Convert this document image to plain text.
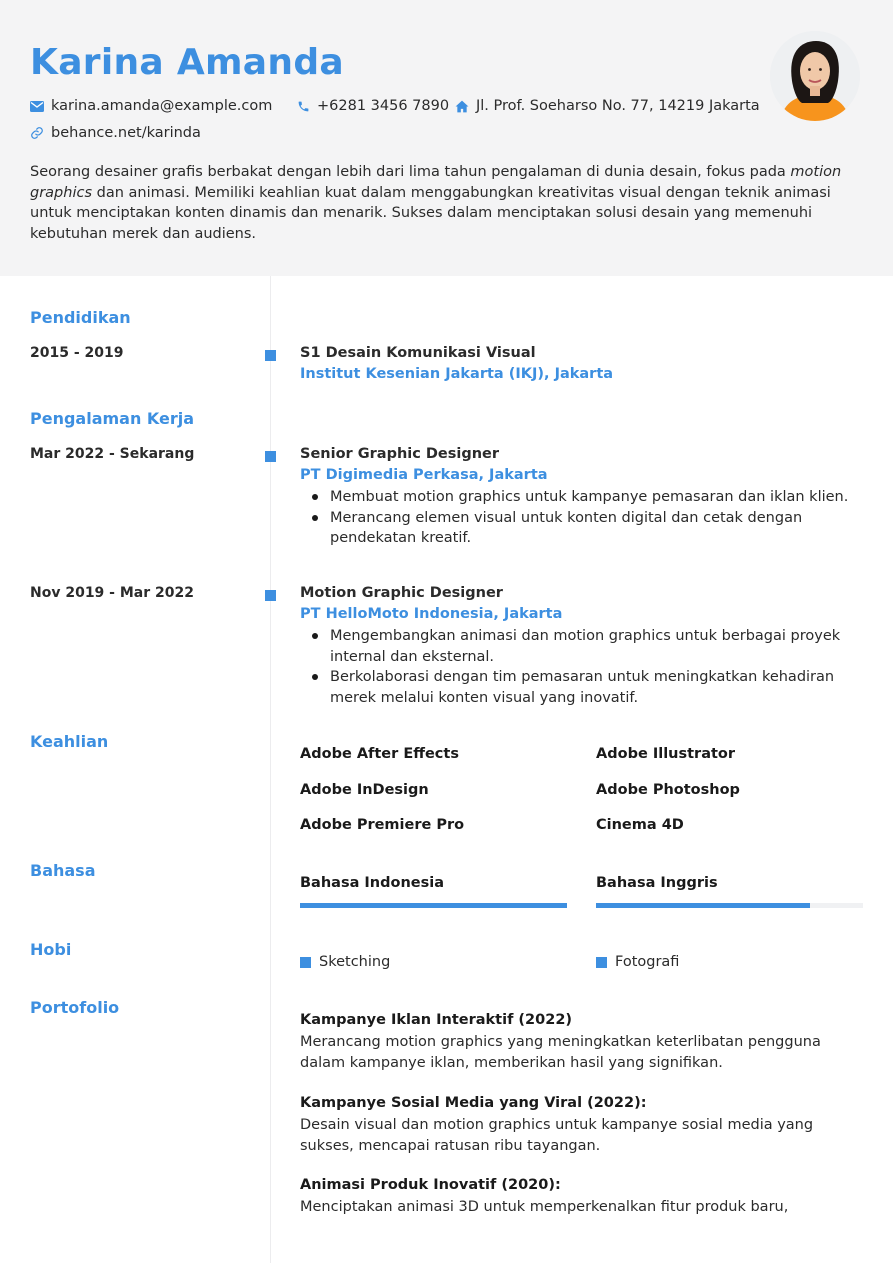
Karina Amanda
karina.amanda@example.com	+6281 3456 7890 Jl. Prof. Soeharso No. 77, 14219 Jakarta
behance.net/karinda
Seorang desainer grafis berbakat dengan lebih dari lima tahun pengalaman di dunia desain, fokus pada motion graphics dan animasi. Memiliki keahlian kuat dalam menggabungkan kreativitas visual dengan teknik animasi untuk menciptakan konten dinamis dan menarik. Sukses dalam menciptakan solusi desain yang memenuhi kebutuhan merek dan audiens.
Pendidikan
2015 - 2019	S1 Desain Komunikasi Visual
Institut Kesenian Jakarta (IKJ), Jakarta
Pengalaman Kerja
Mar 2022 - Sekarang	Senior Graphic Designer
PT Digimedia Perkasa, Jakarta
Membuat motion graphics untuk kampanye pemasaran dan iklan klien.
Merancang elemen visual untuk konten digital dan cetak dengan pendekatan kreatif.
Nov 2019 - Mar 2022	Motion Graphic Designer
PT HelloMoto Indonesia, Jakarta
Mengembangkan animasi dan motion graphics untuk berbagai proyek internal dan eksternal.
Berkolaborasi dengan tim pemasaran untuk meningkatkan kehadiran merek melalui konten visual yang inovatif.
Keahlian
Adobe After Effects	Adobe Illustrator
Adobe InDesign	Adobe Photoshop
Adobe Premiere Pro	Cinema 4D
Bahasa
Bahasa Indonesia	Bahasa Inggris
Hobi
Sketching	Fotografi
Portofolio
Kampanye Iklan Interaktif (2022)
Merancang motion graphics yang meningkatkan keterlibatan pengguna dalam kampanye iklan, memberikan hasil yang signifikan.
Kampanye Sosial Media yang Viral (2022):
Desain visual dan motion graphics untuk kampanye sosial media yang sukses, mencapai ratusan ribu tayangan.
Animasi Produk Inovatif (2020):
Menciptakan animasi 3D untuk memperkenalkan fitur produk baru,
